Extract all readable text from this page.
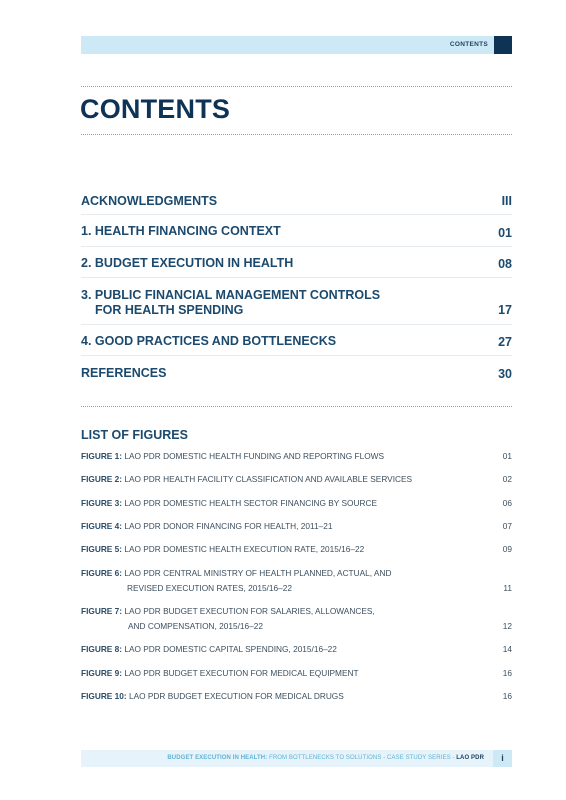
CONTENTS
CONTENTS
ACKNOWLEDGMENTS	III
1. HEALTH FINANCING CONTEXT	01
2. BUDGET EXECUTION IN HEALTH	08
3. PUBLIC FINANCIAL MANAGEMENT CONTROLS
FOR HEALTH SPENDING	17
4. GOOD PRACTICES AND BOTTLENECKS	27
REFERENCES	30
LIST OF FIGURES
FIGURE 1: LAO PDR DOMESTIC HEALTH FUNDING AND REPORTING FLOWS	01
FIGURE 2: LAO PDR HEALTH FACILITY CLASSIFICATION AND AVAILABLE SERVICES	02
FIGURE 3: LAO PDR DOMESTIC HEALTH SECTOR FINANCING BY SOURCE	06
FIGURE 4: LAO PDR DONOR FINANCING FOR HEALTH, 2011–21	07
FIGURE 5: LAO PDR DOMESTIC HEALTH EXECUTION RATE, 2015/16–22	09
FIGURE 6: LAO PDR CENTRAL MINISTRY OF HEALTH PLANNED, ACTUAL, AND
REVISED EXECUTION RATES, 2015/16–22	11
FIGURE 7: LAO PDR BUDGET EXECUTION FOR SALARIES, ALLOWANCES,
AND COMPENSATION, 2015/16–22	12
FIGURE 8: LAO PDR DOMESTIC CAPITAL SPENDING, 2015/16–22	14
FIGURE 9: LAO PDR BUDGET EXECUTION FOR MEDICAL EQUIPMENT	16
FIGURE 10: LAO PDR BUDGET EXECUTION FOR MEDICAL DRUGS	16
BUDGET EXECUTION IN HEALTH: FROM BOTTLENECKS TO SOLUTIONS - CASE STUDY SERIES - LAO PDR	i
